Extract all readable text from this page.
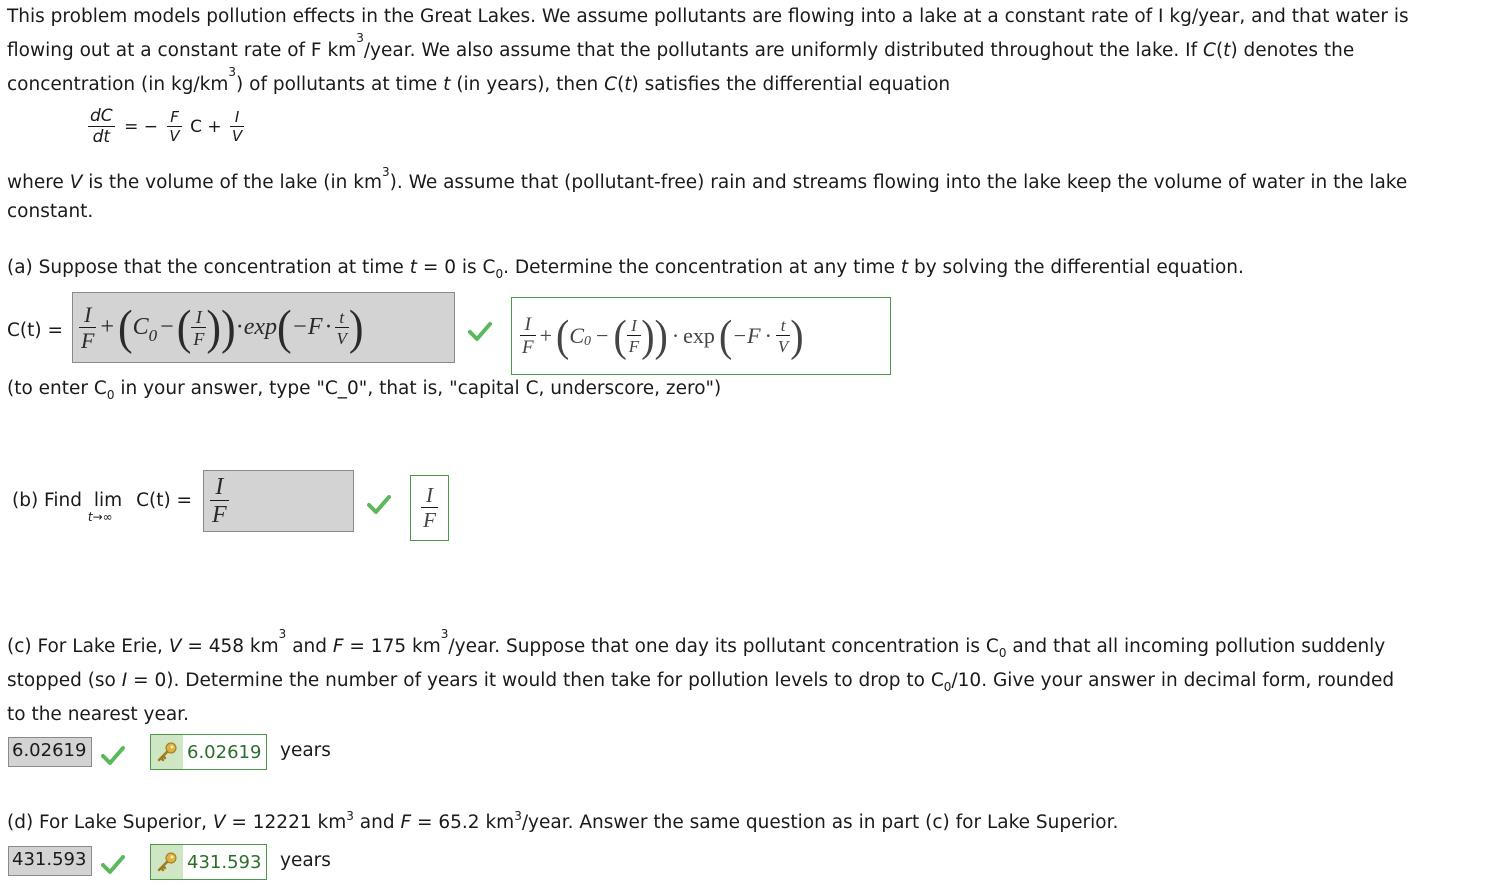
This problem models pollution effects in the Great Lakes. We assume pollutants are flowing into a lake at a constant rate of I kg/year, and that water is
flowing out at a constant rate of F $km^3$/year. We also assume that the pollutants are uniformly distributed throughout the lake. If C(t) denotes the
concentration (in $kg/km^3$) of pollutants at time t (in years), then C(t) satisfies the differential equation
$\frac{dC}{dt}$ = − $\frac{F}{V}$ $C + \frac{I}{V}$
where V is the volume of the lake (in $km^3$). We assume that (pollutant-free) rain and streams flowing into the lake keep the volume of water in the lake
constant.
(a) Suppose that the concentration at time t = 0 is $C_0$. Determine the concentration at any time t by solving the differential equation.
$C(t) = \frac{I}{F}$ + ( $C_0$ − ( $\frac{I}{F}$ ) ) · exp ( $-F \cdot \frac{t}{V}$ )	$\frac{I}{F}$ + ( $C_0$ − ( $\frac{I}{F}$ ) ) · exp ( $-F \cdot \frac{t}{V}$ )
(to enter $C_0$ in your answer, type "C_0", that is, "capital C, underscore, zero")
(b) Find lim
t→∞
$C(t) = \frac{I}{F}$	$\frac{I}{F}$
(c) For Lake Erie, V = 458 $km^3$ and F = 175 $km^3$/year. Suppose that one day its pollutant concentration is $C_0$ and that all incoming pollution suddenly
stopped (so I = 0). Determine the number of years it would then take for pollution levels to drop to $C_0/10$. Give your answer in decimal form, rounded
to the nearest year.
6.02619	6.02619 years
(d) For Lake Superior, V = 12221 $km^3$ and F = 65.2 $km^3$/year. Answer the same question as in part (c) for Lake Superior.
431.593	431.593 years
